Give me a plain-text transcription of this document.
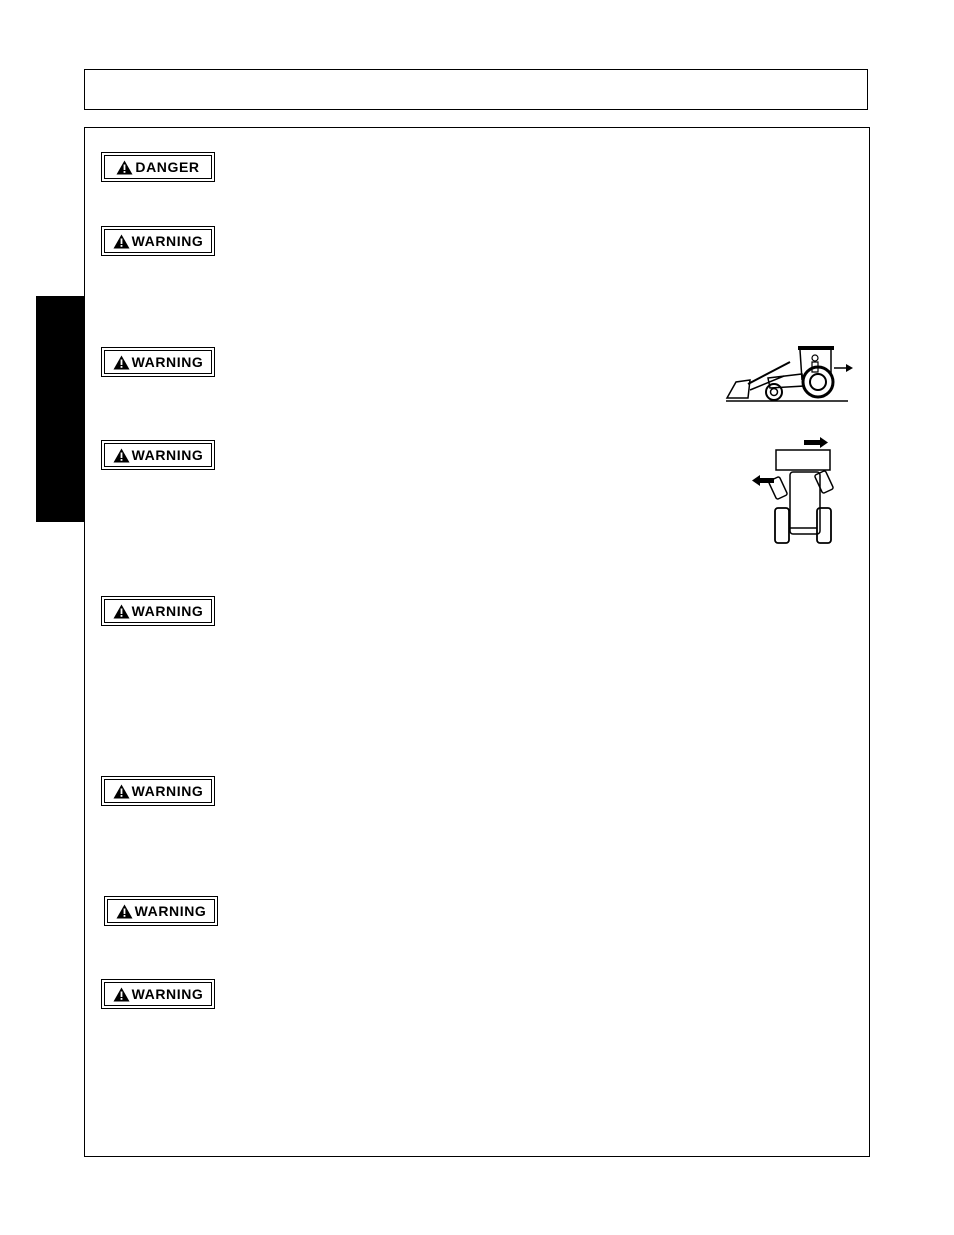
DANGER
WARNING
WARNING
WARNING
WARNING
WARNING
WARNING
WARNING
